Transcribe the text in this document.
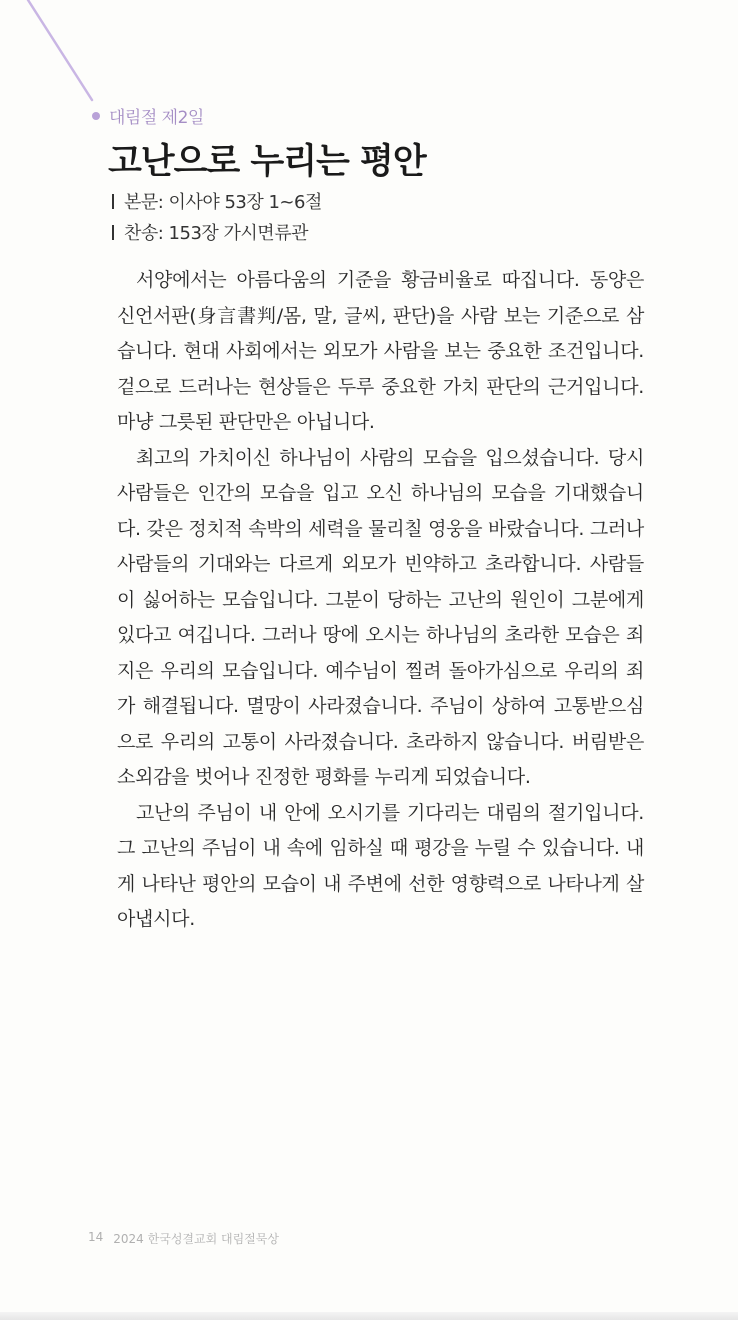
대림절 제2일
고난으로 누리는 평안
본문: 이사야 53장 1~6절
찬송: 153장 가시면류관

서양에서는 아름다움의 기준을 황금비율로 따집니다. 동양은 신언서판(身言書判/몸, 말, 글씨, 판단)을 사람 보는 기준으로 삼습니다. 현대 사회에서는 외모가 사람을 보는 중요한 조건입니다. 겉으로 드러나는 현상들은 두루 중요한 가치 판단의 근거입니다. 마냥 그릇된 판단만은 아닙니다.

최고의 가치이신 하나님이 사람의 모습을 입으셨습니다. 당시 사람들은 인간의 모습을 입고 오신 하나님의 모습을 기대했습니다. 갖은 정치적 속박의 세력을 물리칠 영웅을 바랐습니다. 그러나 사람들의 기대와는 다르게 외모가 빈약하고 초라합니다. 사람들이 싫어하는 모습입니다. 그분이 당하는 고난의 원인이 그분에게 있다고 여깁니다. 그러나 땅에 오시는 하나님의 초라한 모습은 죄지은 우리의 모습입니다. 예수님이 찔려 돌아가심으로 우리의 죄가 해결됩니다. 멸망이 사라졌습니다. 주님이 상하여 고통받으심으로 우리의 고통이 사라졌습니다. 초라하지 않습니다. 버림받은 소외감을 벗어나 진정한 평화를 누리게 되었습니다.

고난의 주님이 내 안에 오시기를 기다리는 대림의 절기입니다. 그 고난의 주님이 내 속에 임하실 때 평강을 누릴 수 있습니다. 내게 나타난 평안의 모습이 내 주변에 선한 영향력으로 나타나게 살아냅시다.

14 2024 한국성결교회 대림절묵상
